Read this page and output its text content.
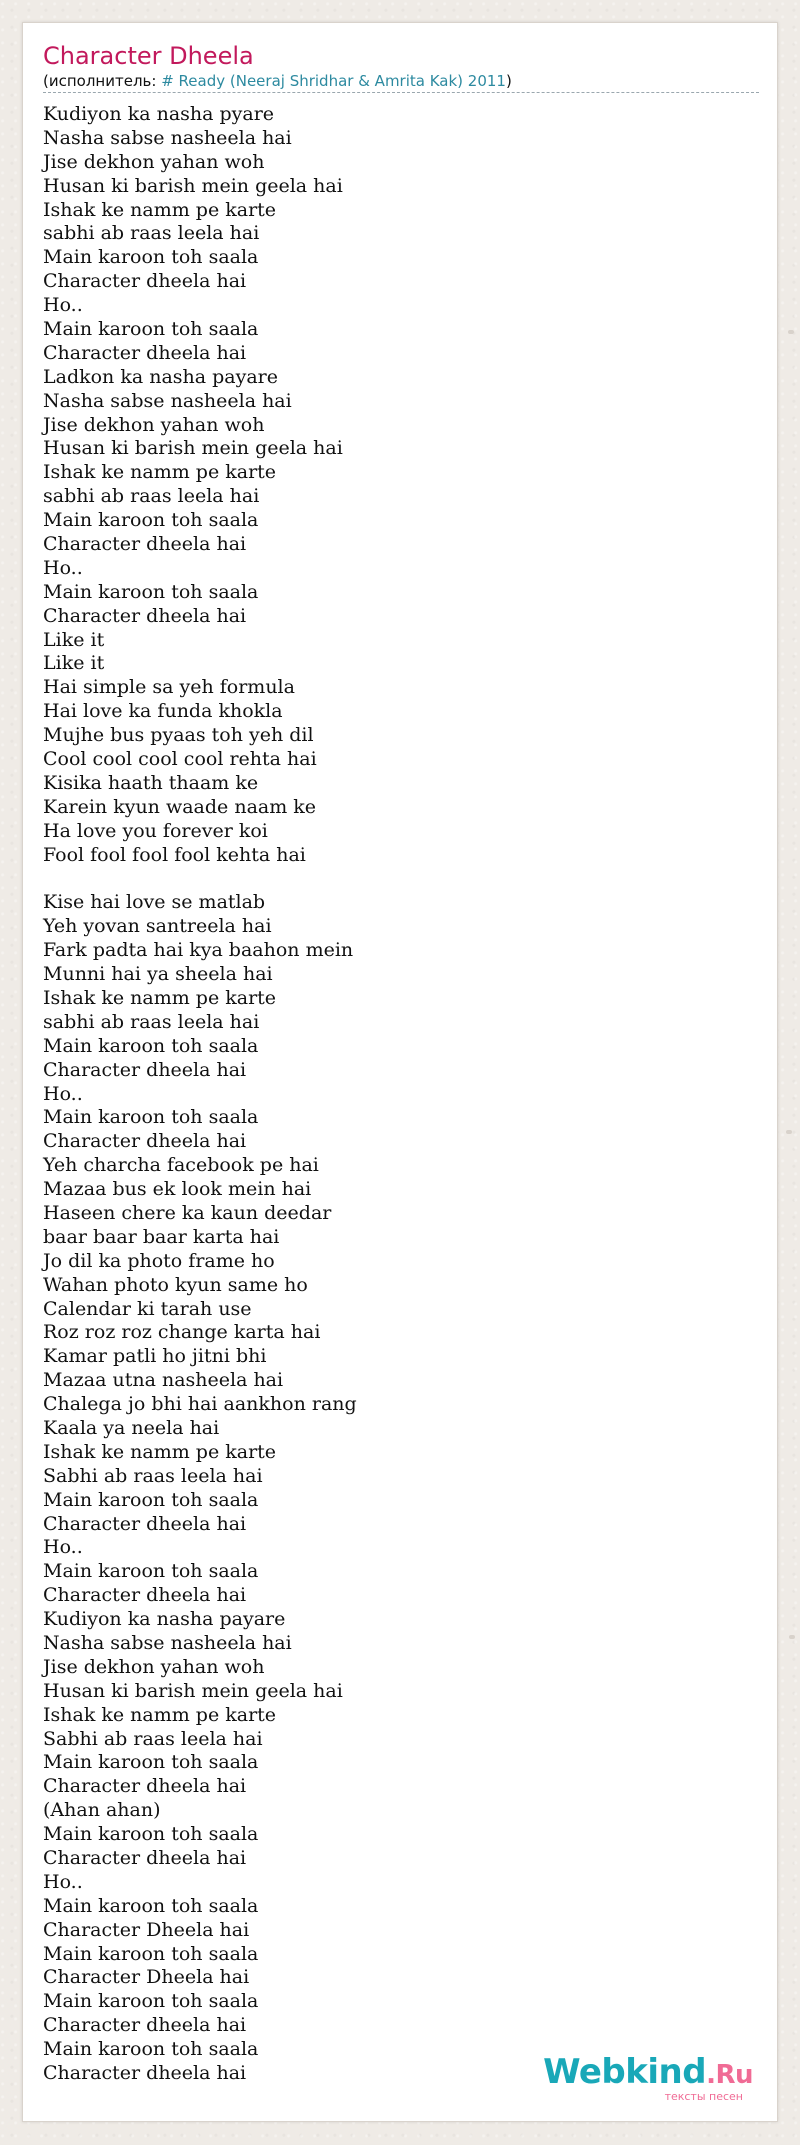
Character Dheela
(исполнитель: # Ready (Neeraj Shridhar & Amrita Kak) 2011)
Kudiyon ka nasha pyare
Nasha sabse nasheela hai
Jise dekhon yahan woh
Husan ki barish mein geela hai
Ishak ke namm pe karte
sabhi ab raas leela hai
Main karoon toh saala
Character dheela hai
Ho..
Main karoon toh saala
Character dheela hai
Ladkon ka nasha payare
Nasha sabse nasheela hai
Jise dekhon yahan woh
Husan ki barish mein geela hai
Ishak ke namm pe karte
sabhi ab raas leela hai
Main karoon toh saala
Character dheela hai
Ho..
Main karoon toh saala
Character dheela hai
Like it
Like it
Hai simple sa yeh formula
Hai love ka funda khokla
Mujhe bus pyaas toh yeh dil
Cool cool cool cool rehta hai
Kisika haath thaam ke
Karein kyun waade naam ke
Ha love you forever koi
Fool fool fool fool kehta hai
Kise hai love se matlab
Yeh yovan santreela hai
Fark padta hai kya baahon mein
Munni hai ya sheela hai
Ishak ke namm pe karte
sabhi ab raas leela hai
Main karoon toh saala
Character dheela hai
Ho..
Main karoon toh saala
Character dheela hai
Yeh charcha facebook pe hai
Mazaa bus ek look mein hai
Haseen chere ka kaun deedar
baar baar baar karta hai
Jo dil ka photo frame ho
Wahan photo kyun same ho
Calendar ki tarah use
Roz roz roz change karta hai
Kamar patli ho jitni bhi
Mazaa utna nasheela hai
Chalega jo bhi hai aankhon rang
Kaala ya neela hai
Ishak ke namm pe karte
Sabhi ab raas leela hai
Main karoon toh saala
Character dheela hai
Ho..
Main karoon toh saala
Character dheela hai
Kudiyon ka nasha payare
Nasha sabse nasheela hai
Jise dekhon yahan woh
Husan ki barish mein geela hai
Ishak ke namm pe karte
Sabhi ab raas leela hai
Main karoon toh saala
Character dheela hai
(Ahan ahan)
Main karoon toh saala
Character dheela hai
Ho..
Main karoon toh saala
Character Dheela hai
Main karoon toh saala
Character Dheela hai
Main karoon toh saala
Character dheela hai
Main karoon toh saala
Character dheela hai	Webkind.Ru
тексты песен
